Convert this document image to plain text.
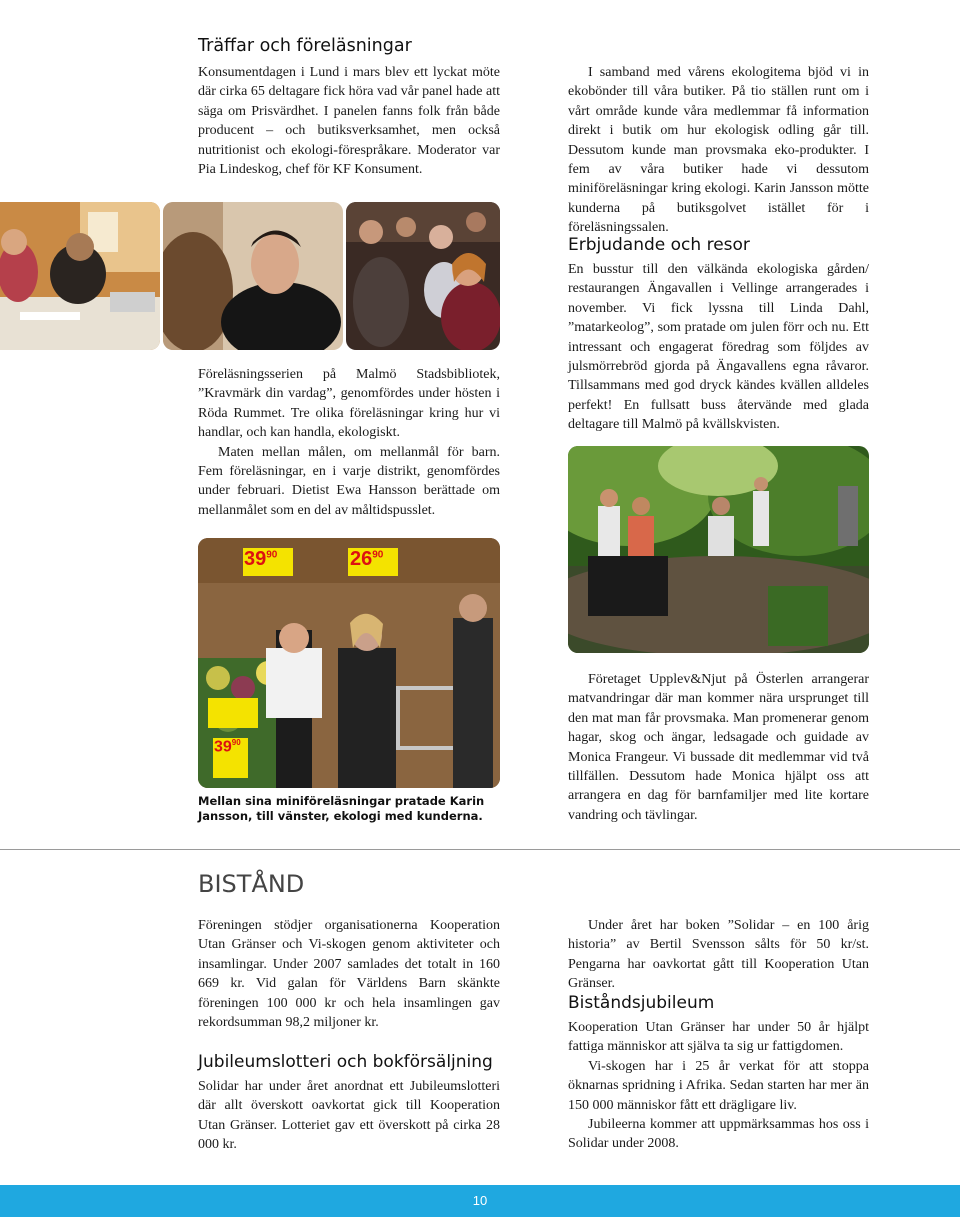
Träffar och föreläsningar

Konsumentdagen i Lund i mars blev ett lyckat möte där cirka 65 deltagare fick höra vad vår panel hade att säga om Prisvärdhet. I panelen fanns folk från både producent – och butiksverksamhet, men också nutritionist och ekologi-förespråkare. Moderator var Pia Lindeskog, chef för KF Konsument.

Föreläsningsserien på Malmö Stadsbibliotek, ”Kravmärk din vardag”, genomfördes under hösten i Röda Rummet. Tre olika föreläsningar kring hur vi handlar, och kan handla, ekologiskt.

Maten mellan målen, om mellanmål för barn. Fem föreläsningar, en i varje distrikt, genomfördes under februari. Dietist Ewa Hansson berättade om mellanmålet som en del av måltidspusslet.

$39^{90}$	$26^{90}$
$39^{90}$
Mellan sina miniföreläsningar pratade Karin Jansson, till vänster, ekologi med kunderna.

I samband med vårens ekologitema bjöd vi in ekobönder till våra butiker. På tio ställen runt om i vårt område kunde våra medlemmar få information direkt i butik om hur ekologisk odling går till. Dessutom kunde man provsmaka eko-produkter. I fem av våra butiker hade vi dessutom miniföreläsningar kring ekologi. Karin Jansson mötte kunderna på butiksgolvet istället för i föreläsningssalen.

Erbjudande och resor

En busstur till den välkända ekologiska gården/ restaurangen Ängavallen i Vellinge arrangerades i november. Vi fick lyssna till Linda Dahl, ”matarkeolog”, som pratade om julen förr och nu. Ett intressant och engagerat föredrag som följdes av julsmörrebröd gjorda på Ängavallens egna råvaror. Tillsammans med god dryck kändes kvällen alldeles perfekt! En fullsatt buss återvände med glada deltagare till Malmö på kvällskvisten.

Företaget Upplev&Njut på Österlen arrangerar matvandringar där man kommer nära ursprunget till den mat man får provsmaka. Man promenerar genom hagar, skog och ängar, ledsagade och guidade av Monica Frangeur. Vi bussade dit medlemmar vid två tillfällen. Dessutom hade Monica hjälpt oss att arrangera en dag för barnfamiljer med lite kortare vandring och tävlingar.

BISTÅND

Föreningen stödjer organisationerna Kooperation Utan Gränser och Vi-skogen genom aktiviteter och insamlingar. Under 2007 samlades det totalt in 160 669 kr. Vid galan för Världens Barn skänkte föreningen 100 000 kr och hela insamlingen gav rekordsumman 98,2 miljoner kr.

Jubileumslotteri och bokförsäljning

Solidar har under året anordnat ett Jubileumslotteri där allt överskott oavkortat gick till Kooperation Utan Gränser. Lotteriet gav ett överskott på cirka 28 000 kr.

Under året har boken ”Solidar – en 100 årig historia” av Bertil Svensson sålts för 50 kr/st. Pengarna har oavkortat gått till Kooperation Utan Gränser.

Biståndsjubileum

Kooperation Utan Gränser har under 50 år hjälpt fattiga människor att själva ta sig ur fattigdomen.

Vi-skogen har i 25 år verkat för att stoppa öknarnas spridning i Afrika. Sedan starten har mer än 150 000 människor fått ett drägligare liv.

Jubileerna kommer att uppmärksammas hos oss i Solidar under 2008.

10
